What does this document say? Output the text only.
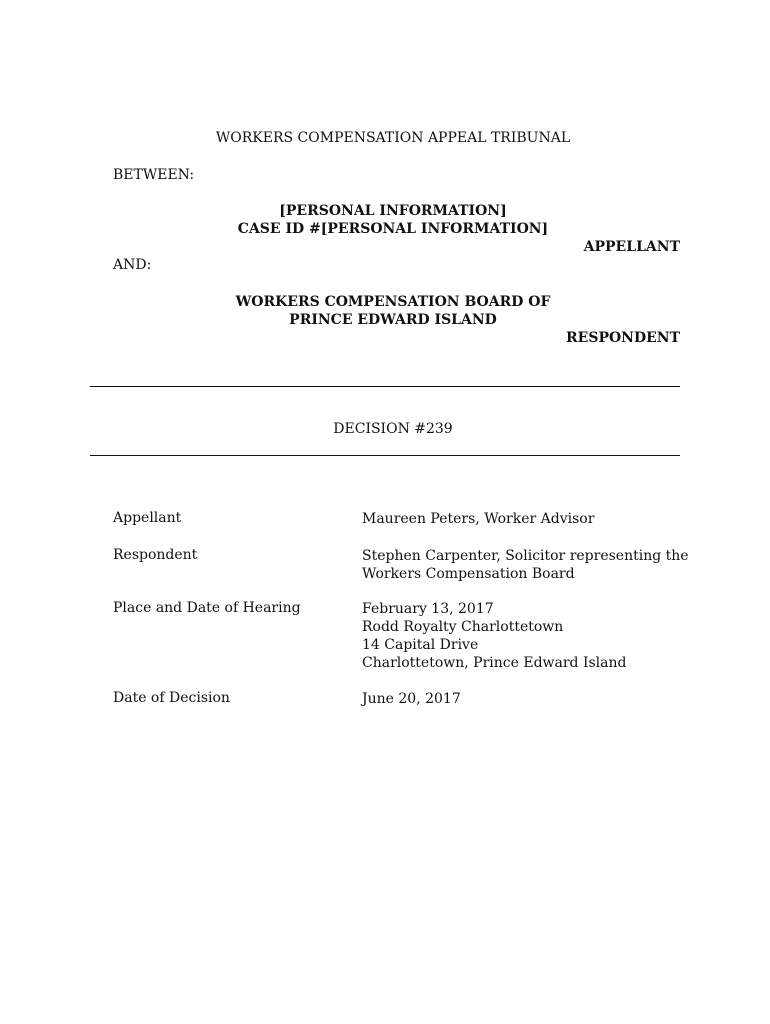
WORKERS COMPENSATION APPEAL TRIBUNAL
BETWEEN:
[PERSONAL INFORMATION]
CASE ID #[PERSONAL INFORMATION]
APPELLANT
AND:
WORKERS COMPENSATION BOARD OF
PRINCE EDWARD ISLAND
RESPONDENT
.
DECISION #239
Appellant	Maureen Peters, Worker Advisor
Respondent	Stephen Carpenter, Solicitor representing the
Workers Compensation Board
Place and Date of Hearing	February 13, 2017
Rodd Royalty Charlottetown
14 Capital Drive
Charlottetown, Prince Edward Island
Date of Decision	June 20, 2017
